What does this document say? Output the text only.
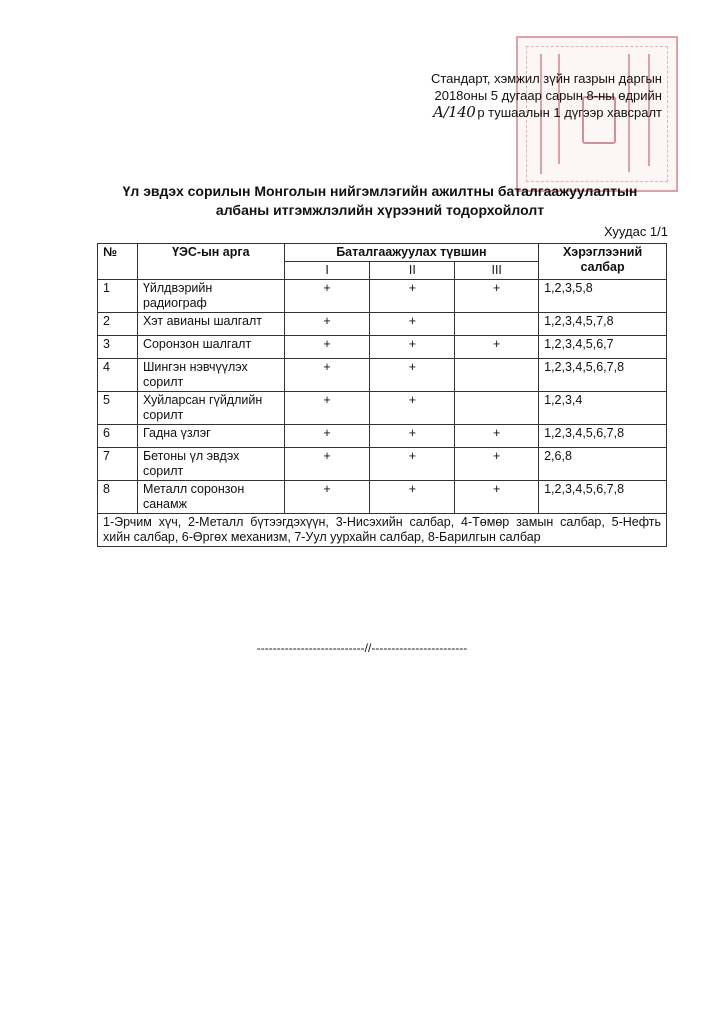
Стандарт, хэмжил зүйн газрын даргын
2018оны 5 дугаар сарын 8-ны өдрийн
А/140 р тушаалын 1 дүгээр хавсралт
Үл эвдэх сорилын Монголын нийгэмлэгийн ажилтны баталгаажуулалтын албаны итгэмжлэлийн хүрээний тодорхойлолт
Хуудас 1/1
№	ҮЭС-ын арга	Баталгаажуулах түвшин			Хэрэглээний салбар
		I	II	III	
1	Үйлдвэрийн радиограф	+	+	+	1,2,3,5,8
2	Хэт авианы шалгалт	+	+		1,2,3,4,5,7,8
3	Соронзон шалгалт	+	+	+	1,2,3,4,5,6,7
4	Шингэн нэвчүүлэх сорилт	+	+		1,2,3,4,5,6,7,8
5	Хуйларсан гүйдлийн сорилт	+	+		1,2,3,4
6	Гадна үзлэг	+	+	+	1,2,3,4,5,6,7,8
7	Бетоны үл эвдэх сорилт	+	+	+	2,6,8
8	Металл соронзон санамж	+	+	+	1,2,3,4,5,6,7,8
1-Эрчим хүч, 2-Металл бүтээгдэхүүн, 3-Нисэхийн салбар, 4-Төмөр замын салбар, 5-Нефть хийн салбар, 6-Өргөх механизм, 7-Уул уурхайн салбар, 8-Барилгын салбар					
---------------------------//------------------------
